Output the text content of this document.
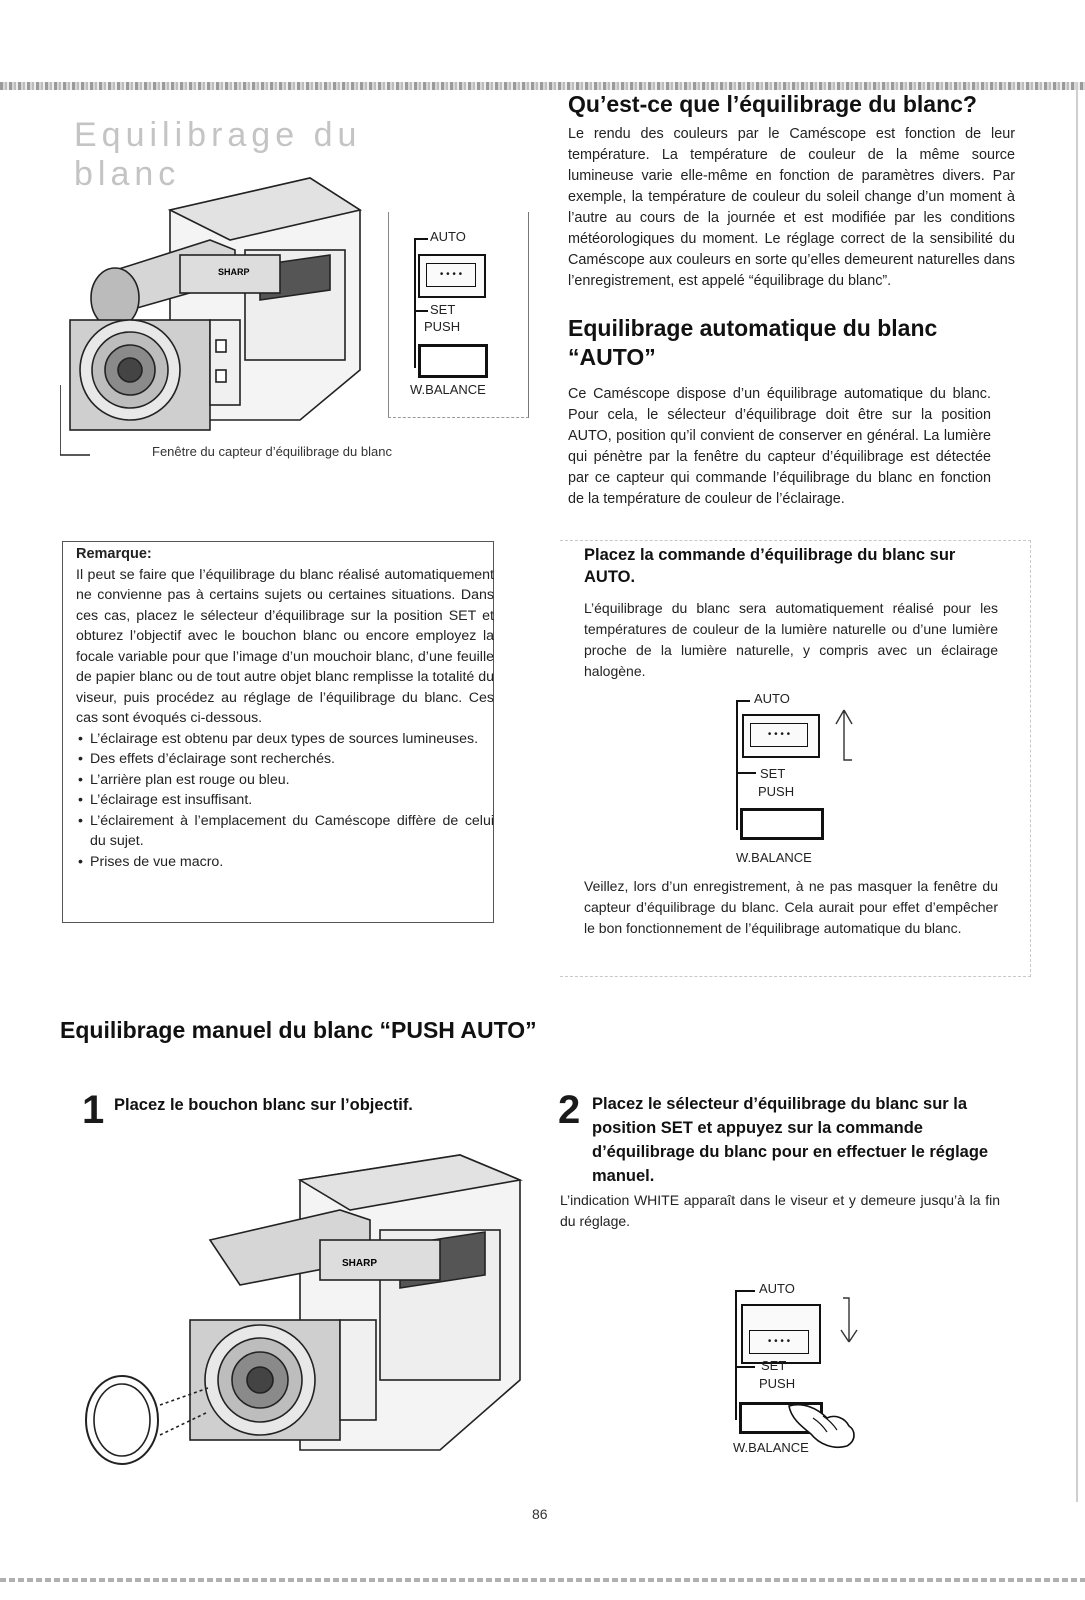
Equilibrage du blanc
SHARP
Fenêtre du capteur d’équilibrage du blanc
AUTO
• • • •
SET
PUSH
W.BALANCE
Qu’est-ce que l’équilibrage du blanc?

Le rendu des couleurs par le Caméscope est fonction de leur température. La température de couleur de la même source lumineuse varie elle-même en fonction de paramètres divers. Par exemple, la température de couleur du soleil change d’un moment à l’autre au cours de la journée et est modifiée par les conditions météorologiques du moment. Le réglage correct de la sensibilité du Caméscope aux couleurs en sorte qu’elles demeurent naturelles dans l’enregistrement, est appelé “équilibrage du blanc”.

Equilibrage automatique du blanc “AUTO”

Ce Caméscope dispose d’un équilibrage automatique du blanc. Pour cela, le sélecteur d’équilibrage doit être sur la position AUTO, position qu’il convient de conserver en général. La lumière qui pénètre par la fenêtre du capteur d’équilibrage est détectée par ce capteur qui commande l’équilibrage du blanc en fonction de la température de couleur de l’éclairage.

Placez la commande d’équilibrage du blanc sur AUTO.

L’équilibrage du blanc sera automatiquement réalisé pour les températures de couleur de la lumière naturelle ou d’une lumière proche de la lumière naturelle, y compris avec un éclairage halogène.

AUTO
• • • •
SET
PUSH
W.BALANCE

Veillez, lors d’un enregistrement, à ne pas masquer la fenêtre du capteur d’équilibrage du blanc. Cela aurait pour effet d’empêcher le bon fonctionnement de l’équilibrage automatique du blanc.

Remarque:

Il peut se faire que l’équilibrage du blanc réalisé automatiquement ne convienne pas à certains sujets ou certaines situations. Dans ces cas, placez le sélecteur d’équilibrage sur la position SET et obturez l’objectif avec le bouchon blanc ou encore employez la focale variable pour que l’image d’un mouchoir blanc, d’une feuille de papier blanc ou de tout autre objet blanc remplisse la totalité du viseur, puis procédez au réglage de l’équilibrage du blanc. Ces cas sont évoqués ci-dessous.

• L’éclairage est obtenu par deux types de sources lumineuses.
• Des effets d’éclairage sont recherchés.
• L’arrière plan est rouge ou bleu.
• L’éclairage est insuffisant.
• L’éclairement à l’emplacement du Caméscope diffère de celui du sujet.
• Prises de vue macro.
Equilibrage manuel du blanc “PUSH AUTO”
1 Placez le bouchon blanc sur l’objectif.
SHARP
2 Placez le sélecteur d’équilibrage du blanc sur la position SET et appuyez sur la commande d’équilibrage du blanc pour en effectuer le réglage manuel.

L’indication WHITE apparaît dans le viseur et y demeure jusqu’à la fin du réglage.

AUTO
• • • •
SET
PUSH
W.BALANCE
86
